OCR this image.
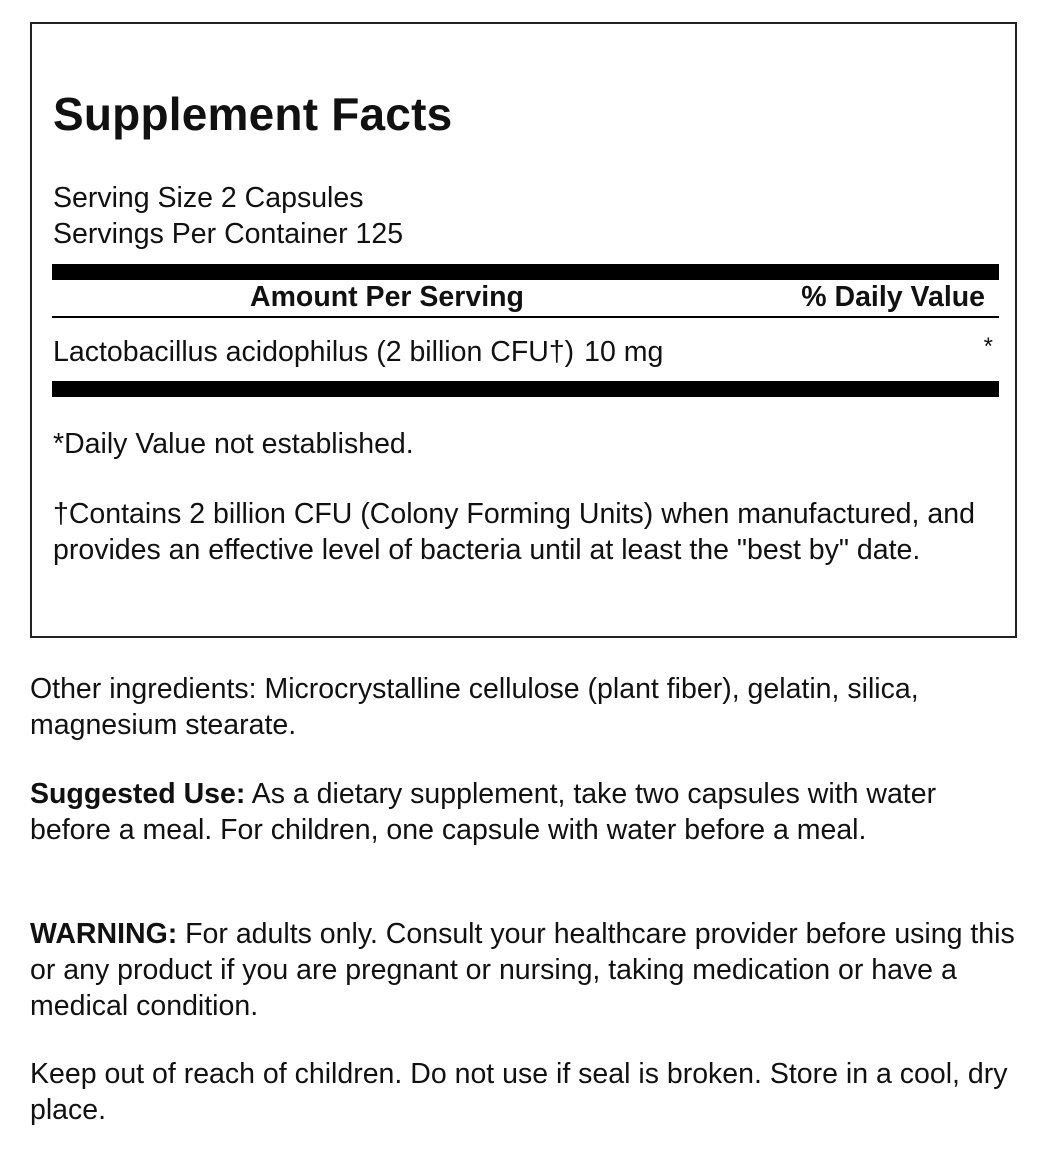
Supplement Facts
Serving Size 2 Capsules
Servings Per Container 125
Amount Per Serving	% Daily Value
Lactobacillus acidophilus (2 billion CFU†) 10 mg	*
*Daily Value not established.
†Contains 2 billion CFU (Colony Forming Units) when manufactured, and provides an effective level of bacteria until at least the "best by" date.
Other ingredients: Microcrystalline cellulose (plant fiber), gelatin, silica, magnesium stearate.
Suggested Use: As a dietary supplement, take two capsules with water before a meal. For children, one capsule with water before a meal.
WARNING: For adults only. Consult your healthcare provider before using this or any product if you are pregnant or nursing, taking medication or have a medical condition.
Keep out of reach of children. Do not use if seal is broken. Store in a cool, dry place.
